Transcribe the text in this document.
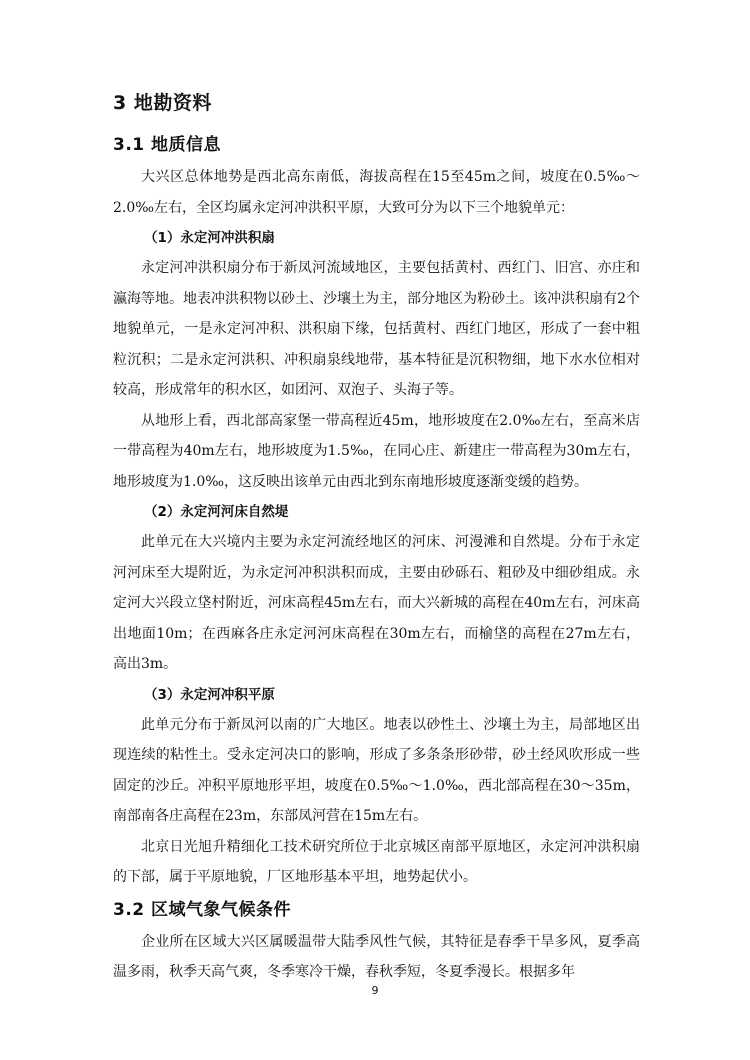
3 地勘资料
3.1 地质信息

大兴区总体地势是西北高东南低，海拔高程在15至45m之间，坡度在0.5‰～2.0‰左右，全区均属永定河冲洪积平原，大致可分为以下三个地貌单元：

（1）永定河冲洪积扇

永定河冲洪积扇分布于新凤河流域地区，主要包括黄村、西红门、旧宫、亦庄和瀛海等地。地表冲洪积物以砂土、沙壤土为主，部分地区为粉砂土。该冲洪积扇有2个地貌单元，一是永定河冲积、洪积扇下缘，包括黄村、西红门地区，形成了一套中粗粒沉积；二是永定河洪积、冲积扇泉线地带，基本特征是沉积物细，地下水水位相对较高，形成常年的积水区，如团河、双泡子、头海子等。

从地形上看，西北部高家堡一带高程近45m，地形坡度在2.0‰左右，至高米店一带高程为40m左右，地形坡度为1.5‰，在同心庄、新建庄一带高程为30m左右，地形坡度为1.0‰，这反映出该单元由西北到东南地形坡度逐渐变缓的趋势。

（2）永定河河床自然堤

此单元在大兴境内主要为永定河流经地区的河床、河漫滩和自然堤。分布于永定河河床至大堤附近，为永定河冲积洪积而成，主要由砂砾石、粗砂及中细砂组成。永定河大兴段立垡村附近，河床高程45m左右，而大兴新城的高程在40m左右，河床高出地面10m；在西麻各庄永定河河床高程在30m左右，而榆垡的高程在27m左右，高出3m。

（3）永定河冲积平原

此单元分布于新凤河以南的广大地区。地表以砂性土、沙壤土为主，局部地区出现连续的粘性土。受永定河决口的影响，形成了多条条形砂带，砂土经风吹形成一些固定的沙丘。冲积平原地形平坦，坡度在0.5‰～1.0‰，西北部高程在30～35m，南部南各庄高程在23m，东部凤河营在15m左右。

北京日光旭升精细化工技术研究所位于北京城区南部平原地区，永定河冲洪积扇的下部，属于平原地貌，厂区地形基本平坦，地势起伏小。

3.2 区域气象气候条件

企业所在区域大兴区属暖温带大陆季风性气候，其特征是春季干旱多风，夏季高温多雨，秋季天高气爽，冬季寒冷干燥，春秋季短，冬夏季漫长。根据多年

9
